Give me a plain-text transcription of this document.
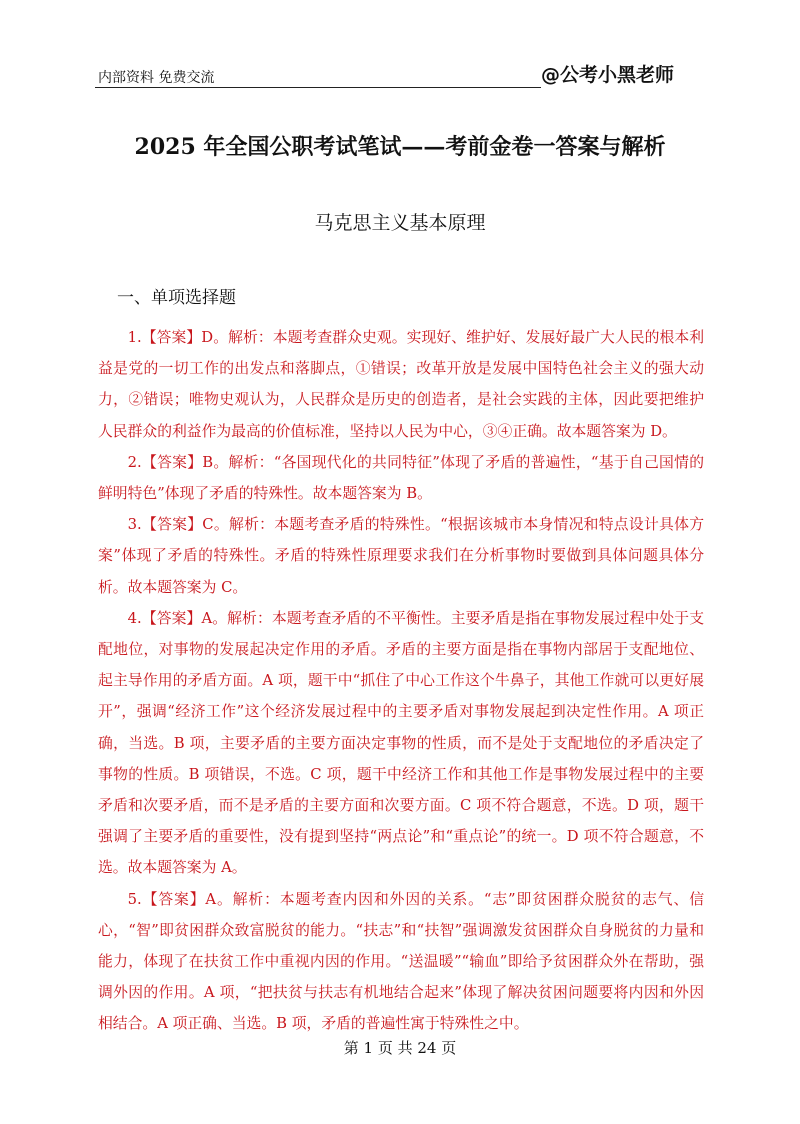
内部资料 免费交流	@公考小黑老师
2025 年全国公职考试笔试——考前金卷一答案与解析
马克思主义基本原理
一、单项选择题

1.【答案】D。解析：本题考查群众史观。实现好、维护好、发展好最广大人民的根本利益是党的一切工作的出发点和落脚点，①错误；改革开放是发展中国特色社会主义的强大动力，②错误；唯物史观认为，人民群众是历史的创造者，是社会实践的主体，因此要把维护人民群众的利益作为最高的价值标准，坚持以人民为中心，③④正确。故本题答案为 D。

2.【答案】B。解析：“各国现代化的共同特征”体现了矛盾的普遍性，“基于自己国情的鲜明特色”体现了矛盾的特殊性。故本题答案为 B。

3.【答案】C。解析：本题考查矛盾的特殊性。“根据该城市本身情况和特点设计具体方案”体现了矛盾的特殊性。矛盾的特殊性原理要求我们在分析事物时要做到具体问题具体分析。故本题答案为 C。

4.【答案】A。解析：本题考查矛盾的不平衡性。主要矛盾是指在事物发展过程中处于支配地位，对事物的发展起决定作用的矛盾。矛盾的主要方面是指在事物内部居于支配地位、起主导作用的矛盾方面。A 项，题干中“抓住了中心工作这个牛鼻子，其他工作就可以更好展开”，强调“经济工作”这个经济发展过程中的主要矛盾对事物发展起到决定性作用。A 项正确，当选。B 项，主要矛盾的主要方面决定事物的性质，而不是处于支配地位的矛盾决定了事物的性质。B 项错误，不选。C 项，题干中经济工作和其他工作是事物发展过程中的主要矛盾和次要矛盾，而不是矛盾的主要方面和次要方面。C 项不符合题意，不选。D 项，题干强调了主要矛盾的重要性，没有提到坚持“两点论”和“重点论”的统一。D 项不符合题意，不选。故本题答案为 A。

5.【答案】A。解析：本题考查内因和外因的关系。“志”即贫困群众脱贫的志气、信心，“智”即贫困群众致富脱贫的能力。“扶志”和“扶智”强调激发贫困群众自身脱贫的力量和能力，体现了在扶贫工作中重视内因的作用。“送温暖”“输血”即给予贫困群众外在帮助，强调外因的作用。A 项，“把扶贫与扶志有机地结合起来”体现了解决贫困问题要将内因和外因相结合。A 项正确、当选。B 项，矛盾的普遍性寓于特殊性之中。

第 1 页 共 24 页
